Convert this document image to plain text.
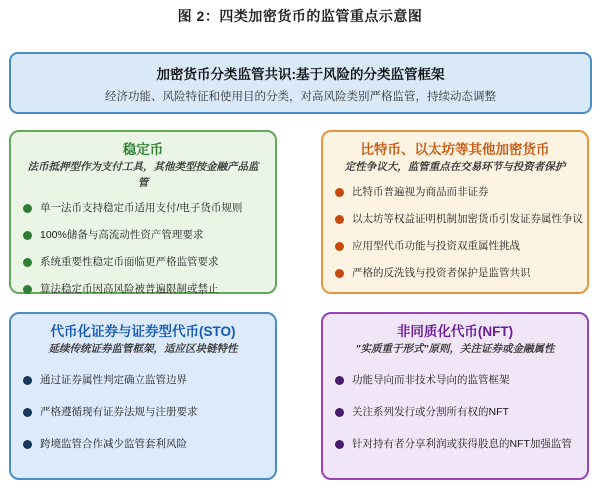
图 2：四类加密货币的监管重点示意图
加密货币分类监管共识:基于风险的分类监管框架
经济功能、风险特征和使用目的分类，对高风险类别严格监管，持续动态调整
稳定币
法币抵押型作为支付工具，其他类型按金融产品监管
单一法币支持稳定币适用支付/电子货币规则
100%储备与高流动性资产管理要求
系统重要性稳定币面临更严格监管要求
算法稳定币因高风险被普遍限制或禁止
比特币、以太坊等其他加密货币
定性争议大，监管重点在交易环节与投资者保护
比特币普遍视为商品而非证券
以太坊等权益证明机制加密货币引发证券属性争议
应用型代币功能与投资双重属性挑战
严格的反洗钱与投资者保护是监管共识
代币化证券与证券型代币(STO)
延续传统证券监管框架，适应区块链特性
通过证券属性判定确立监管边界
严格遵循现有证券法规与注册要求
跨境监管合作减少监管套利风险
非同质化代币(NFT)
"实质重于形式"原则，关注证券或金融属性
功能导向而非技术导向的监管框架
关注系列发行或分割所有权的NFT
针对持有者分享利润或获得股息的NFT加强监管
